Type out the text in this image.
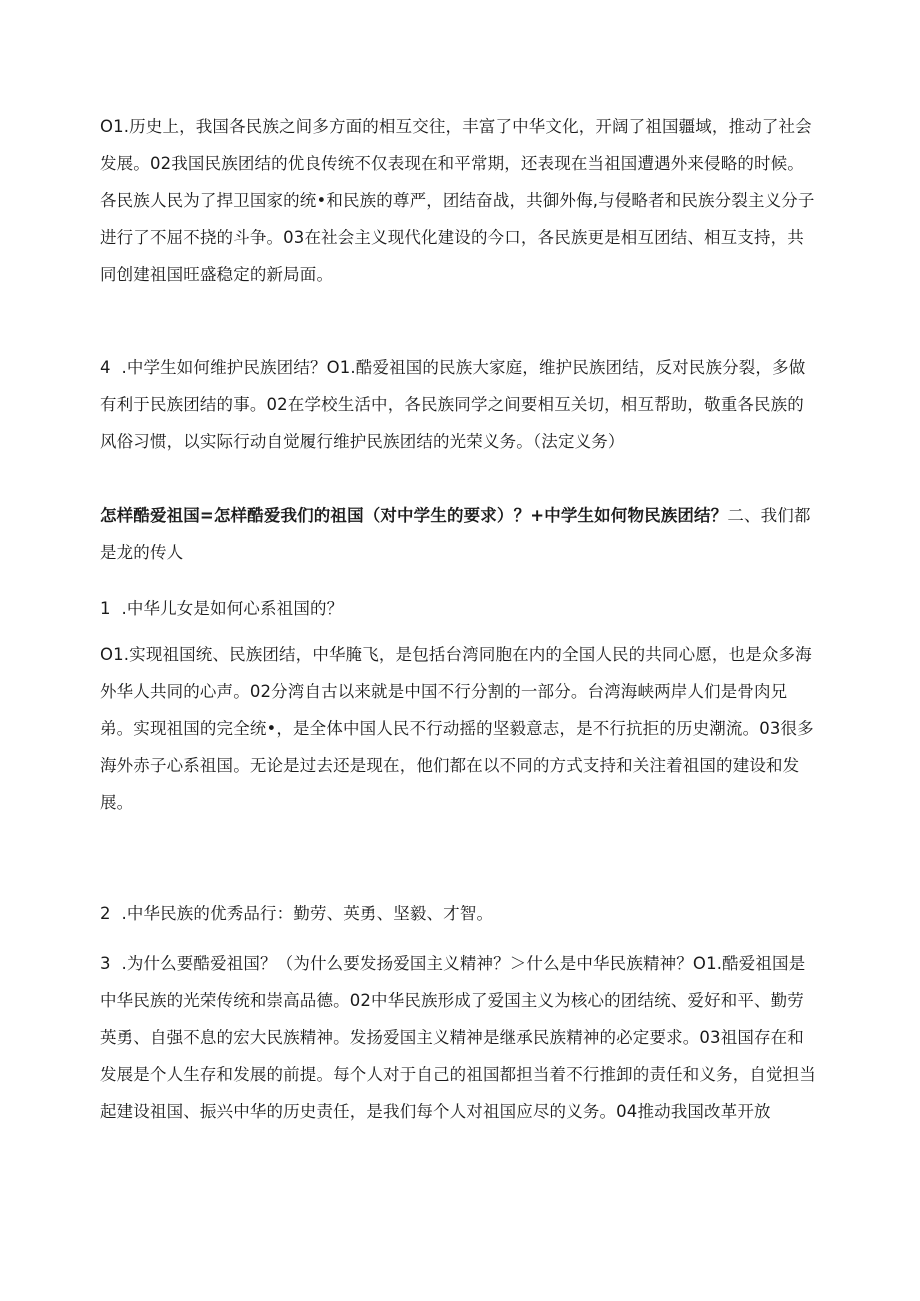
O1.历史上，我国各民族之间多方面的相互交往，丰富了中华文化，开阔了祖国疆域，推动了社会发展。02我国民族团结的优良传统不仅表现在和平常期，还表现在当祖国遭遇外来侵略的时候。各民族人民为了捍卫国家的统•和民族的尊严，团结奋战，共御外侮,与侵略者和民族分裂主义分子进行了不屈不挠的斗争。03在社会主义现代化建设的今口，各民族更是相互团结、相互支持，共同创建祖国旺盛稳定的新局面。

4  .中学生如何维护民族团结？O1.酷爱祖国的民族大家庭，维护民族团结，反对民族分裂，多做有利于民族团结的事。02在学校生活中，各民族同学之间要相互关切，相互帮助，敬重各民族的风俗习惯，以实际行动自觉履行维护民族团结的光荣义务。（法定义务）

怎样酷爱祖国=怎样酷爱我们的祖国（对中学生的要求）？+中学生如何物民族团结？二、我们都是龙的传人

1  .中华儿女是如何心系祖国的？

O1.实现祖国统、民族团结，中华腌飞，是包括台湾同胞在内的全国人民的共同心愿，也是众多海外华人共同的心声。02分湾自古以来就是中国不行分割的一部分。台湾海峡两岸人们是骨肉兄弟。实现祖国的完全统•，是全体中国人民不行动摇的坚毅意志，是不行抗拒的历史潮流。03很多海外赤子心系祖国。无论是过去还是现在，他们都在以不同的方式支持和关注着祖国的建设和发展。

2  .中华民族的优秀品行：勤劳、英勇、坚毅、才智。

3  .为什么要酷爱祖国？（为什么要发扬爱国主义精神？＞什么是中华民族精神？O1.酷爱祖国是中华民族的光荣传统和崇高品德。02中华民族形成了爱国主义为核心的团结统、爱好和平、勤劳英勇、自强不息的宏大民族精神。发扬爱国主义精神是继承民族精神的必定要求。03祖国存在和发展是个人生存和发展的前提。每个人对于自己的祖国都担当着不行推卸的责任和义务，自觉担当起建设祖国、振兴中华的历史责任，是我们每个人对祖国应尽的义务。04推动我国改革开放
